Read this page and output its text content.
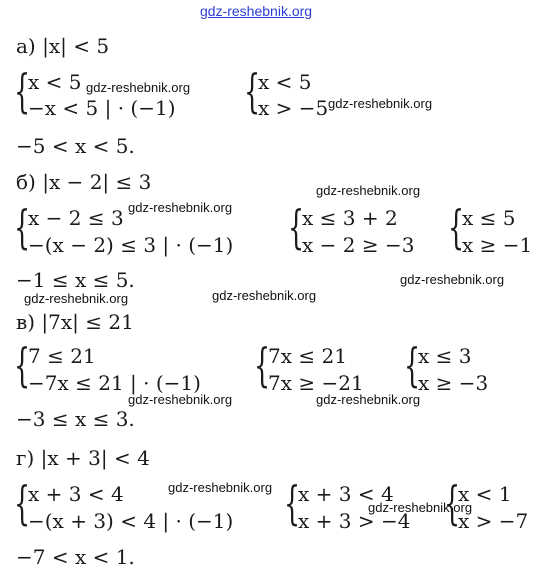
gdz-reshebnik.org
а) |x| < 5
{
x < 5
−x < 5 | · (−1) {
x < 5
x > −5
−5 < x < 5.
б) |x − 2| ≤ 3
{
x − 2 ≤ 3
−(x − 2) ≤ 3 | · (−1) {
x ≤ 3 + 2
x − 2 ≥ −3 {
x ≤ 5
x ≥ −1
−1 ≤ x ≤ 5.
в) |7x| ≤ 21
{
7 ≤ 21
−7x ≤ 21 | · (−1) {
7x ≤ 21
7x ≥ −21 {
x ≤ 3
x ≥ −3
−3 ≤ x ≤ 3.
г) |x + 3| < 4
{
x + 3 < 4
−(x + 3) < 4 | · (−1) {
x + 3 < 4
x + 3 > −4 {
x < 1
x > −7
−7 < x < 1.
gdz-reshebnik.org
gdz-reshebnik.org
gdz-reshebnik.org
gdz-reshebnik.org
gdz-reshebnik.org
gdz-reshebnik.org	gdz-reshebnik.org
gdz-reshebnik.org	gdz-reshebnik.org
gdz-reshebnik.org
gdz-reshebnik.org
